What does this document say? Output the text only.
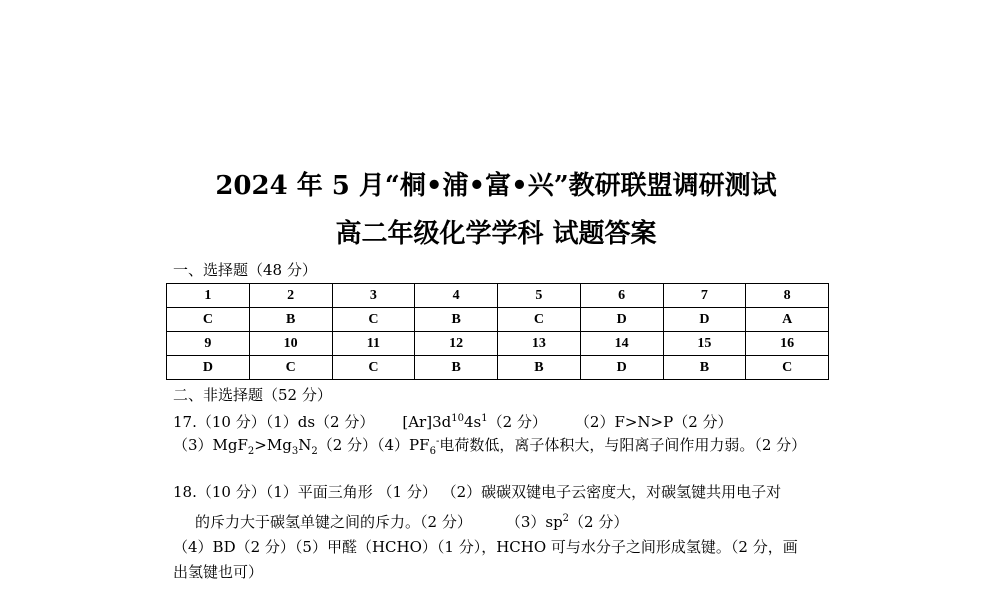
2024 年 5 月“桐•浦•富•兴”教研联盟调研测试
高二年级化学学科 试题答案
一、选择题（48 分）
1	2	3	4	5	6	7	8
C	B	C	B	C	D	D	A
9	10	11	12	13	14	15	16
D	C	C	B	B	D	B	C
二、非选择题（52 分）
17.（10 分）（1）ds（2 分） $[Ar]3d^{10}4s^1(2$ 分） （2）F>N>P（2 分）
$(3)MgF_2>Mg_3N_2(2$ 分）$(4)PF_6^-$电荷数低，离子体积大，与阳离子间作用力弱。（2 分）
18.（10 分）（1）平面三角形 （1 分） （2）碳碳双键电子云密度大，对碳氢键共用电子对
的斥力大于碳氢单键之间的斥力。（2 分） $(3)sp^2(2$ 分）
（4）BD（2 分）（5）甲醛（HCHO）（1 分），HCHO 可与水分子之间形成氢键。（2 分，画
出氢键也可）
